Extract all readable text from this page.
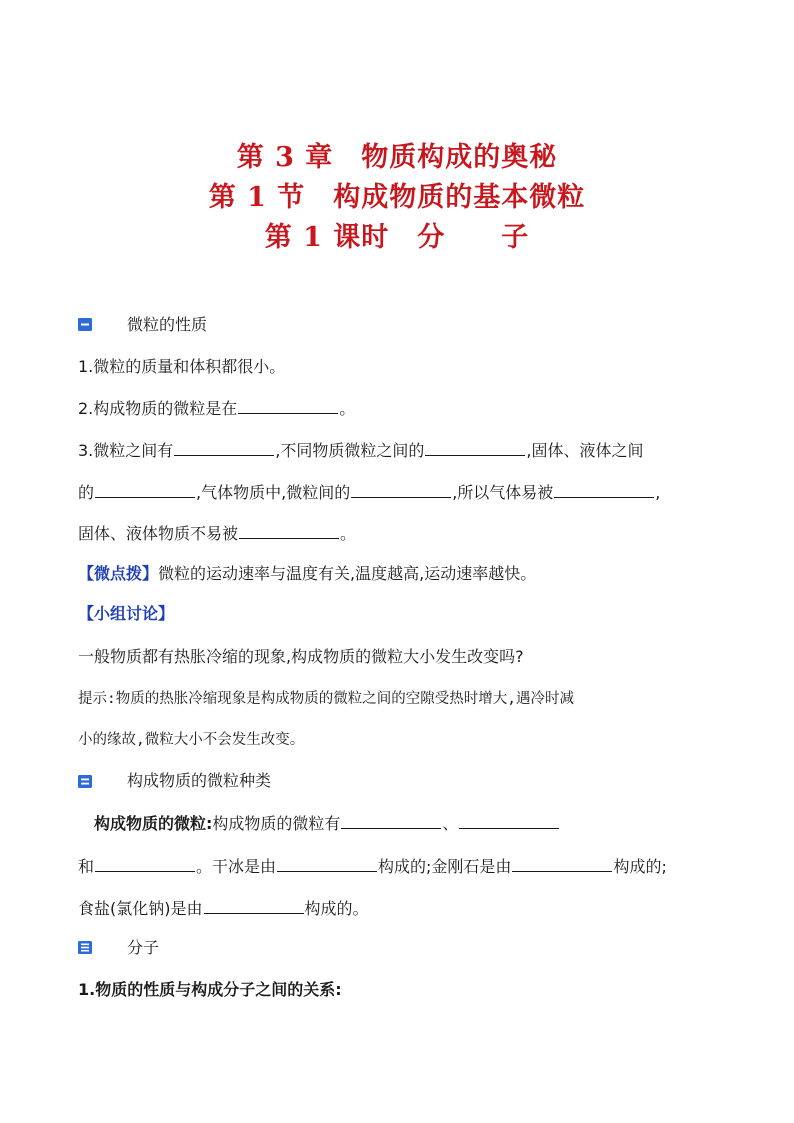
第 3 章　物质构成的奥秘
第 1 节　构成物质的基本微粒
第 1 课时　分　　子
微粒的性质
1.微粒的质量和体积都很小。
2.构成物质的微粒是在	。
3.微粒之间有	,不同物质微粒之间的	,固体、液体之间
的	,气体物质中,微粒间的	,所以气体易被	,
固体、液体物质不易被	。
【微点拨】微粒的运动速率与温度有关,温度越高,运动速率越快。
【小组讨论】
一般物质都有热胀冷缩的现象,构成物质的微粒大小发生改变吗?
提示:物质的热胀冷缩现象是构成物质的微粒之间的空隙受热时增大,遇冷时减
小的缘故,微粒大小不会发生改变。
构成物质的微粒种类
构成物质的微粒:构成物质的微粒有	、
和	。干冰是由	构成的;金刚石是由	构成的;
食盐(氯化钠)是由	构成的。
分子
1.物质的性质与构成分子之间的关系:
